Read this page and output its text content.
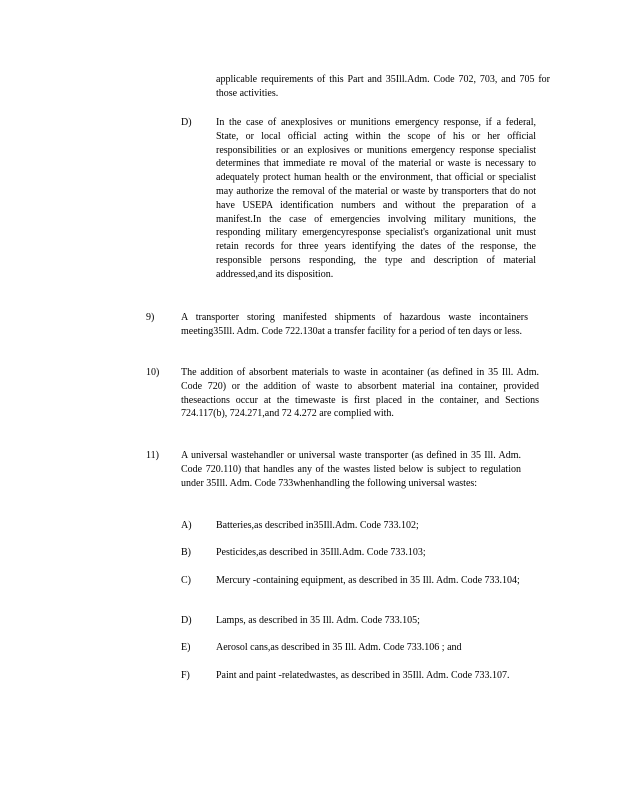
applicable requirements of this Part and 35Ill.Adm. Code 702, 703, and 705 for those activities.
D) In the case of anexplosives or munitions emergency response, if a federal, State, or local official acting within the scope of his or her official responsibilities or an explosives or munitions emergency response specialist determines that immediate re moval of the material or waste is necessary to adequately protect human health or the environment, that official or specialist may authorize the removal of the material or waste by transporters that do not have USEPA identification numbers and without the preparation of a manifest.In the case of emergencies involving military munitions, the responding military emergencyresponse specialist's organizational unit must retain records for three years identifying the dates of the response, the responsible persons responding, the type and description of material addressed,and its disposition.
9)	A transporter storing manifested shipments of hazardous waste incontainers meeting35Ill. Adm. Code 722.130at a transfer facility for a period of ten days or less.
10) The addition of absorbent materials to waste in acontainer (as defined in 35 Ill. Adm. Code 720) or the addition of waste to absorbent material ina container, provided theseactions occur at the timewaste is first placed in the container, and Sections 724.117(b), 724.271,and 72 4.272 are complied with.
11) A universal wastehandler or universal waste transporter (as defined in 35 Ill. Adm. Code 720.110) that handles any of the wastes listed below is subject to regulation under 35Ill. Adm. Code 733whenhandling the following universal wastes:
A) Batteries,as described in35Ill.Adm. Code 733.102;
B)	Pesticides,as described in 35Ill.Adm. Code 733.103;
C)	Mercury -containing equipment, as described in 35 Ill. Adm. Code 733.104;
D) Lamps, as described in 35 Ill. Adm. Code 733.105;
E)	Aerosol cans,as described in 35 Ill. Adm. Code 733.106 ; and
F)	Paint and paint -relatedwastes, as described in 35Ill. Adm. Code 733.107.
